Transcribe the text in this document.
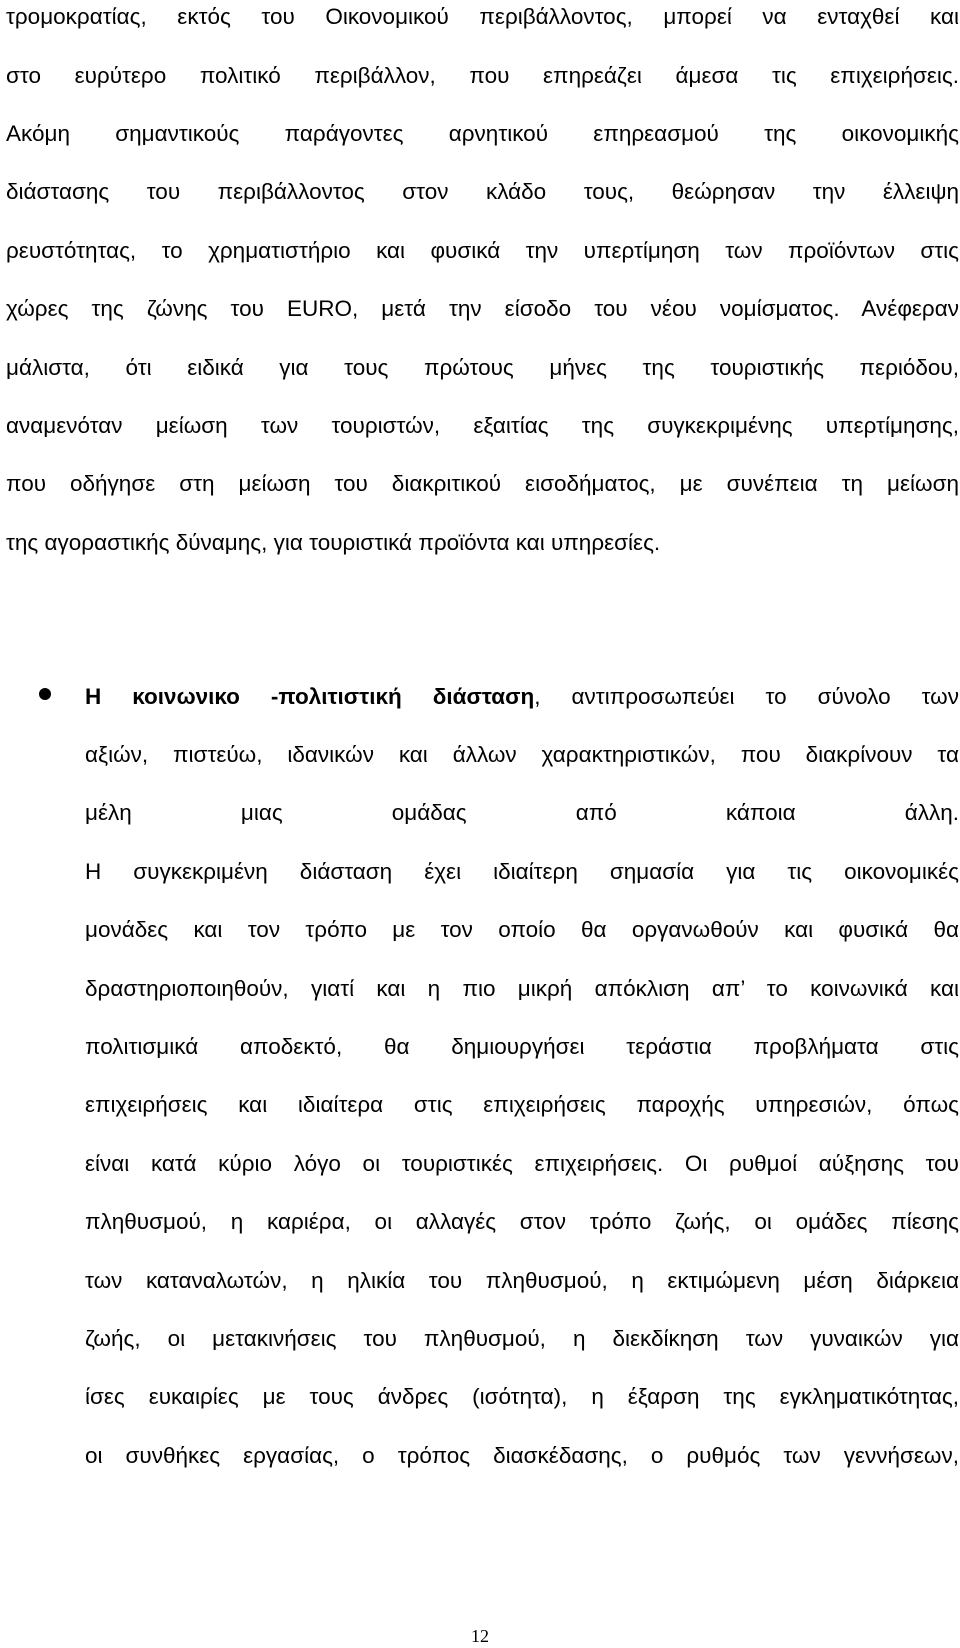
τρομοκρατίας, εκτός του Οικονομικού περιβάλλοντος, μπορεί να ενταχθεί και
στο ευρύτερο πολιτικό περιβάλλον, που επηρεάζει άμεσα τις επιχειρήσεις.
Ακόμη σημαντικούς παράγοντες αρνητικού επηρεασμού της οικονομικής
διάστασης του περιβάλλοντος στον κλάδο τους, θεώρησαν την έλλειψη
ρευστότητας, το χρηματιστήριο και φυσικά την υπερτίμηση των προϊόντων στις
χώρες της ζώνης του EURO, μετά την είσοδο του νέου νομίσματος. Ανέφεραν
μάλιστα, ότι ειδικά για τους πρώτους μήνες της τουριστικής περιόδου,
αναμενόταν μείωση των τουριστών, εξαιτίας της συγκεκριμένης υπερτίμησης,
που οδήγησε στη μείωση του διακριτικού εισοδήματος, με συνέπεια τη μείωση
της αγοραστικής δύναμης, για τουριστικά προϊόντα και υπηρεσίες.
Η κοινωνικο -πολιτιστική διάσταση, αντιπροσωπεύει το σύνολο των
αξιών, πιστεύω, ιδανικών και άλλων χαρακτηριστικών, που διακρίνουν τα
μέλη μιας ομάδας από κάποια άλλη.
Η συγκεκριμένη διάσταση έχει ιδιαίτερη σημασία για τις οικονομικές
μονάδες και τον τρόπο με τον οποίο θα οργανωθούν και φυσικά θα
δραστηριοποιηθούν, γιατί και η πιο μικρή απόκλιση απ’ το κοινωνικά και
πολιτισμικά αποδεκτό, θα δημιουργήσει τεράστια προβλήματα στις
επιχειρήσεις και ιδιαίτερα στις επιχειρήσεις παροχής υπηρεσιών, όπως
είναι κατά κύριο λόγο οι τουριστικές επιχειρήσεις. Οι ρυθμοί αύξησης του
πληθυσμού, η καριέρα, οι αλλαγές στον τρόπο ζωής, οι ομάδες πίεσης
των καταναλωτών, η ηλικία του πληθυσμού, η εκτιμώμενη μέση διάρκεια
ζωής, οι μετακινήσεις του πληθυσμού, η διεκδίκηση των γυναικών για
ίσες ευκαιρίες με τους άνδρες (ισότητα), η έξαρση της εγκληματικότητας,
οι συνθήκες εργασίας, ο τρόπος διασκέδασης, ο ρυθμός των γεννήσεων,
12
